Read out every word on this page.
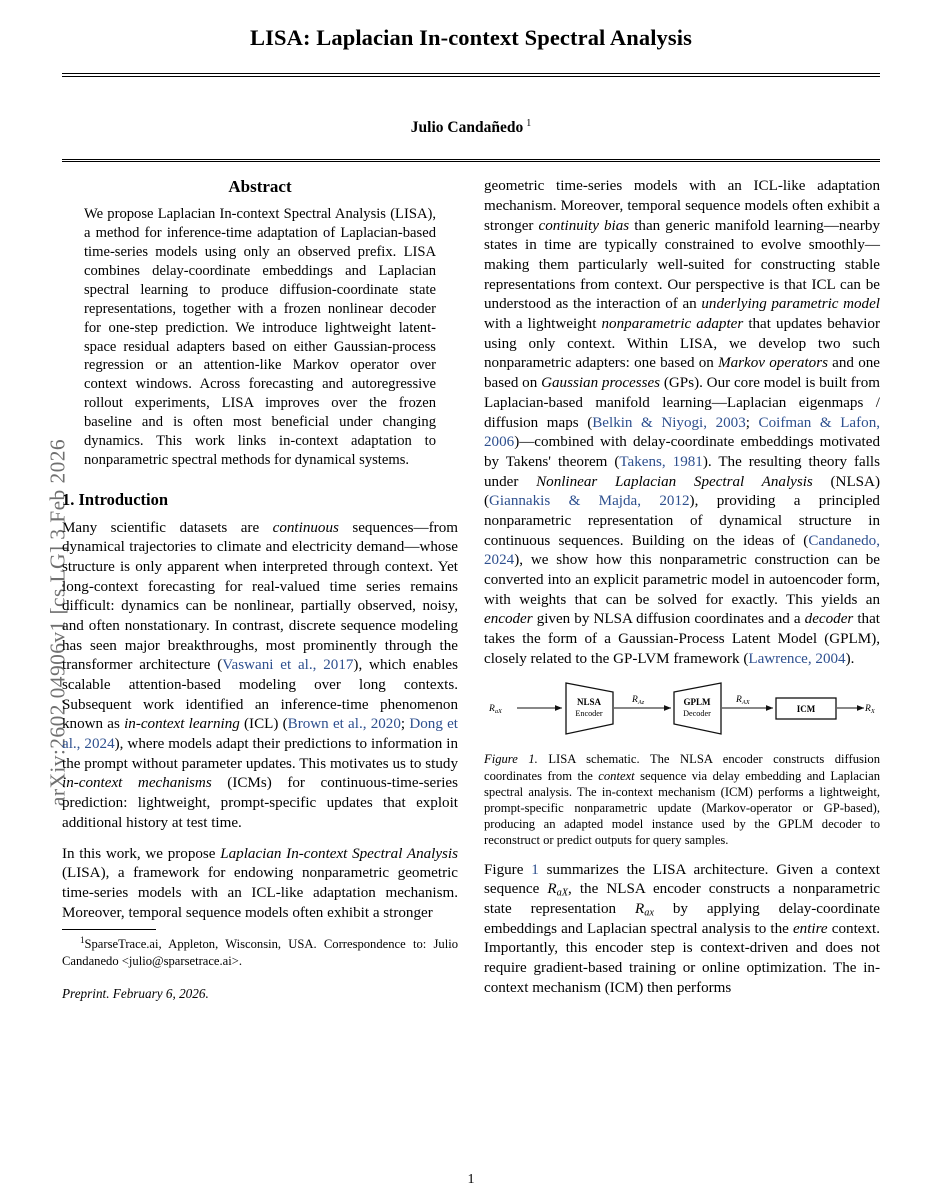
arXiv:2602.04906v1 [cs.LG] 3 Feb 2026
LISA: Laplacian In-context Spectral Analysis
Julio Candañedo $^1$
Abstract
We propose Laplacian In-context Spectral Analysis (LISA), a method for inference-time adaptation of Laplacian-based time-series models using only an observed prefix. LISA combines delay-coordinate embeddings and Laplacian spectral learning to produce diffusion-coordinate state representations, together with a frozen nonlinear decoder for one-step prediction. We introduce lightweight latent-space residual adapters based on either Gaussian-process regression or an attention-like Markov operator over context windows. Across forecasting and autoregressive rollout experiments, LISA improves over the frozen baseline and is often most beneficial under changing dynamics. This work links in-context adaptation to nonparametric spectral methods for dynamical systems.
1. Introduction

Many scientific datasets are continuous sequences—from dynamical trajectories to climate and electricity demand—whose structure is only apparent when interpreted through context. Yet long-context forecasting for real-valued time series remains difficult: dynamics can be nonlinear, partially observed, noisy, and often nonstationary. In contrast, discrete sequence modeling has seen major breakthroughs, most prominently through the transformer architecture (Vaswani et al., 2017), which enables scalable attention-based modeling over long contexts. Subsequent work identified an inference-time phenomenon known as in-context learning (ICL) (Brown et al., 2020; Dong et al., 2024), where models adapt their predictions to information in the prompt without parameter updates. This motivates us to study in-context mechanisms (ICMs) for continuous-time-series prediction: lightweight, prompt-specific updates that exploit additional history at test time.

In this work, we propose Laplacian In-context Spectral Analysis (LISA), a framework for endowing nonparametric geometric time-series models with an ICL-like adaptation mechanism. Moreover, temporal sequence models often exhibit a stronger

$^1$SparseTrace.ai, Appleton, Wisconsin, USA. Correspondence to: Julio Candanedo <julio@sparsetrace.ai>.

Preprint. February 6, 2026.

geometric time-series models with an ICL-like adaptation mechanism. Moreover, temporal sequence models often exhibit a stronger continuity bias than generic manifold learning—nearby states in time are typically constrained to evolve smoothly—making them particularly well-suited for constructing stable representations from context. Our perspective is that ICL can be understood as the interaction of an underlying parametric model with a lightweight nonparametric adapter that updates behavior using only context. Within LISA, we develop two such nonparametric adapters: one based on Markov operators and one based on Gaussian processes (GPs). Our core model is built from Laplacian-based manifold learning—Laplacian eigenmaps / diffusion maps (Belkin & Niyogi, 2003; Coifman & Lafon, 2006)—combined with delay-coordinate embeddings motivated by Takens' theorem (Takens, 1981). The resulting theory falls under Nonlinear Laplacian Spectral Analysis (NLSA) (Giannakis & Majda, 2012), providing a principled nonparametric representation of dynamical structure in continuous sequences. Building on the ideas of (Candanedo, 2024), we show how this nonparametric construction can be converted into an explicit parametric model in autoencoder form, with weights that can be solved for exactly. This yields an encoder given by NLSA diffusion coordinates and a decoder that takes the form of a Gaussian-Process Latent Model (GPLM), closely related to the GP-LVM framework (Lawrence, 2004).

$R_{aX}$
NLSA
Encoder
$R_{Az}$	GPLM
Decoder
$R_{AX}$
ICM	$R_X$

Figure 1. LISA schematic. The NLSA encoder constructs diffusion coordinates from the context sequence via delay embedding and Laplacian spectral analysis. The in-context mechanism (ICM) performs a lightweight, prompt-specific nonparametric update (Markov-operator or GP-based), producing an adapted model instance used by the GPLM decoder to reconstruct or predict outputs for query samples.

Figure 1 summarizes the LISA architecture. Given a context sequence $R_{aX}$, the NLSA encoder constructs a nonparametric state representation $R_{ax}$ by applying delay-coordinate embeddings and Laplacian spectral analysis to the entire context. Importantly, this encoder step is context-driven and does not require gradient-based training or online optimization. The in-context mechanism (ICM) then performs

1
